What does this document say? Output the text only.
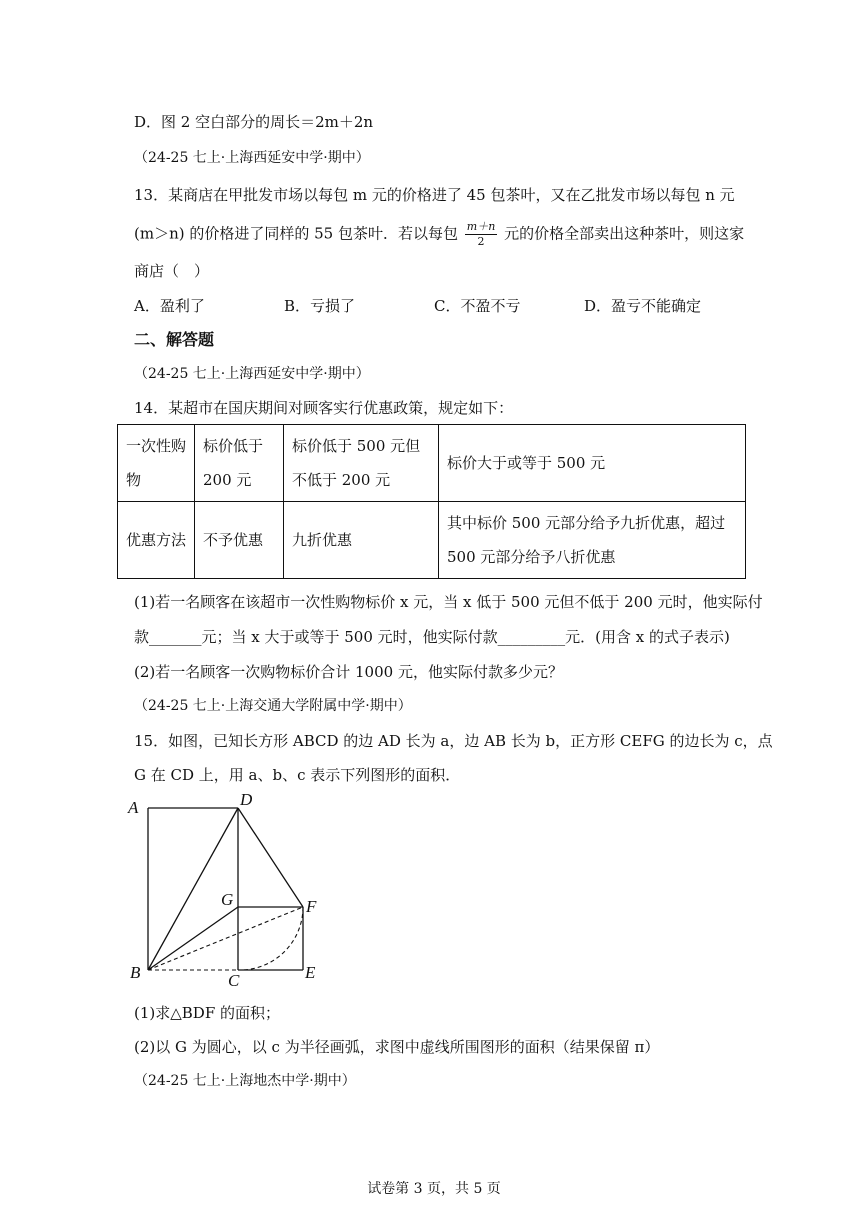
D．图 2 空白部分的周长＝2m＋2n
（24-25 七上·上海西延安中学·期中）
13．某商店在甲批发市场以每包 m 元的价格进了 45 包茶叶，又在乙批发市场以每包 n 元
(m＞n) 的价格进了同样的 55 包茶叶．若以每包 $\frac{m+n}{2}$ 元的价格全部卖出这种茶叶，则这家
商店（　）
A．盈利了	B．亏损了	C．不盈不亏	D．盈亏不能确定
二、解答题
（24-25 七上·上海西延安中学·期中）
14．某超市在国庆期间对顾客实行优惠政策，规定如下：
一次性购物	标价低于 200 元	标价低于 500 元但不低于 200 元	标价大于或等于 500 元
优惠方法	不予优惠	九折优惠	其中标价 500 元部分给予九折优惠，超过 500 元部分给予八折优惠
(1)若一名顾客在该超市一次性购物标价 x 元，当 x 低于 500 元但不低于 200 元时，他实际付
款_______元；当 x 大于或等于 500 元时，他实际付款_________元．(用含 x 的式子表示)
(2)若一名顾客一次购物标价合计 1000 元，他实际付款多少元？
（24-25 七上·上海交通大学附属中学·期中）
15．如图，已知长方形 ABCD 的边 AD 长为 a，边 AB 长为 b，正方形 CEFG 的边长为 c，点
G 在 CD 上，用 a、b、c 表示下列图形的面积．
A	D
G	F
B	C	E
(1)求△BDF 的面积；
(2)以 G 为圆心，以 c 为半径画弧，求图中虚线所围图形的面积（结果保留 π）
（24-25 七上·上海地杰中学·期中）
试卷第 3 页，共 5 页
